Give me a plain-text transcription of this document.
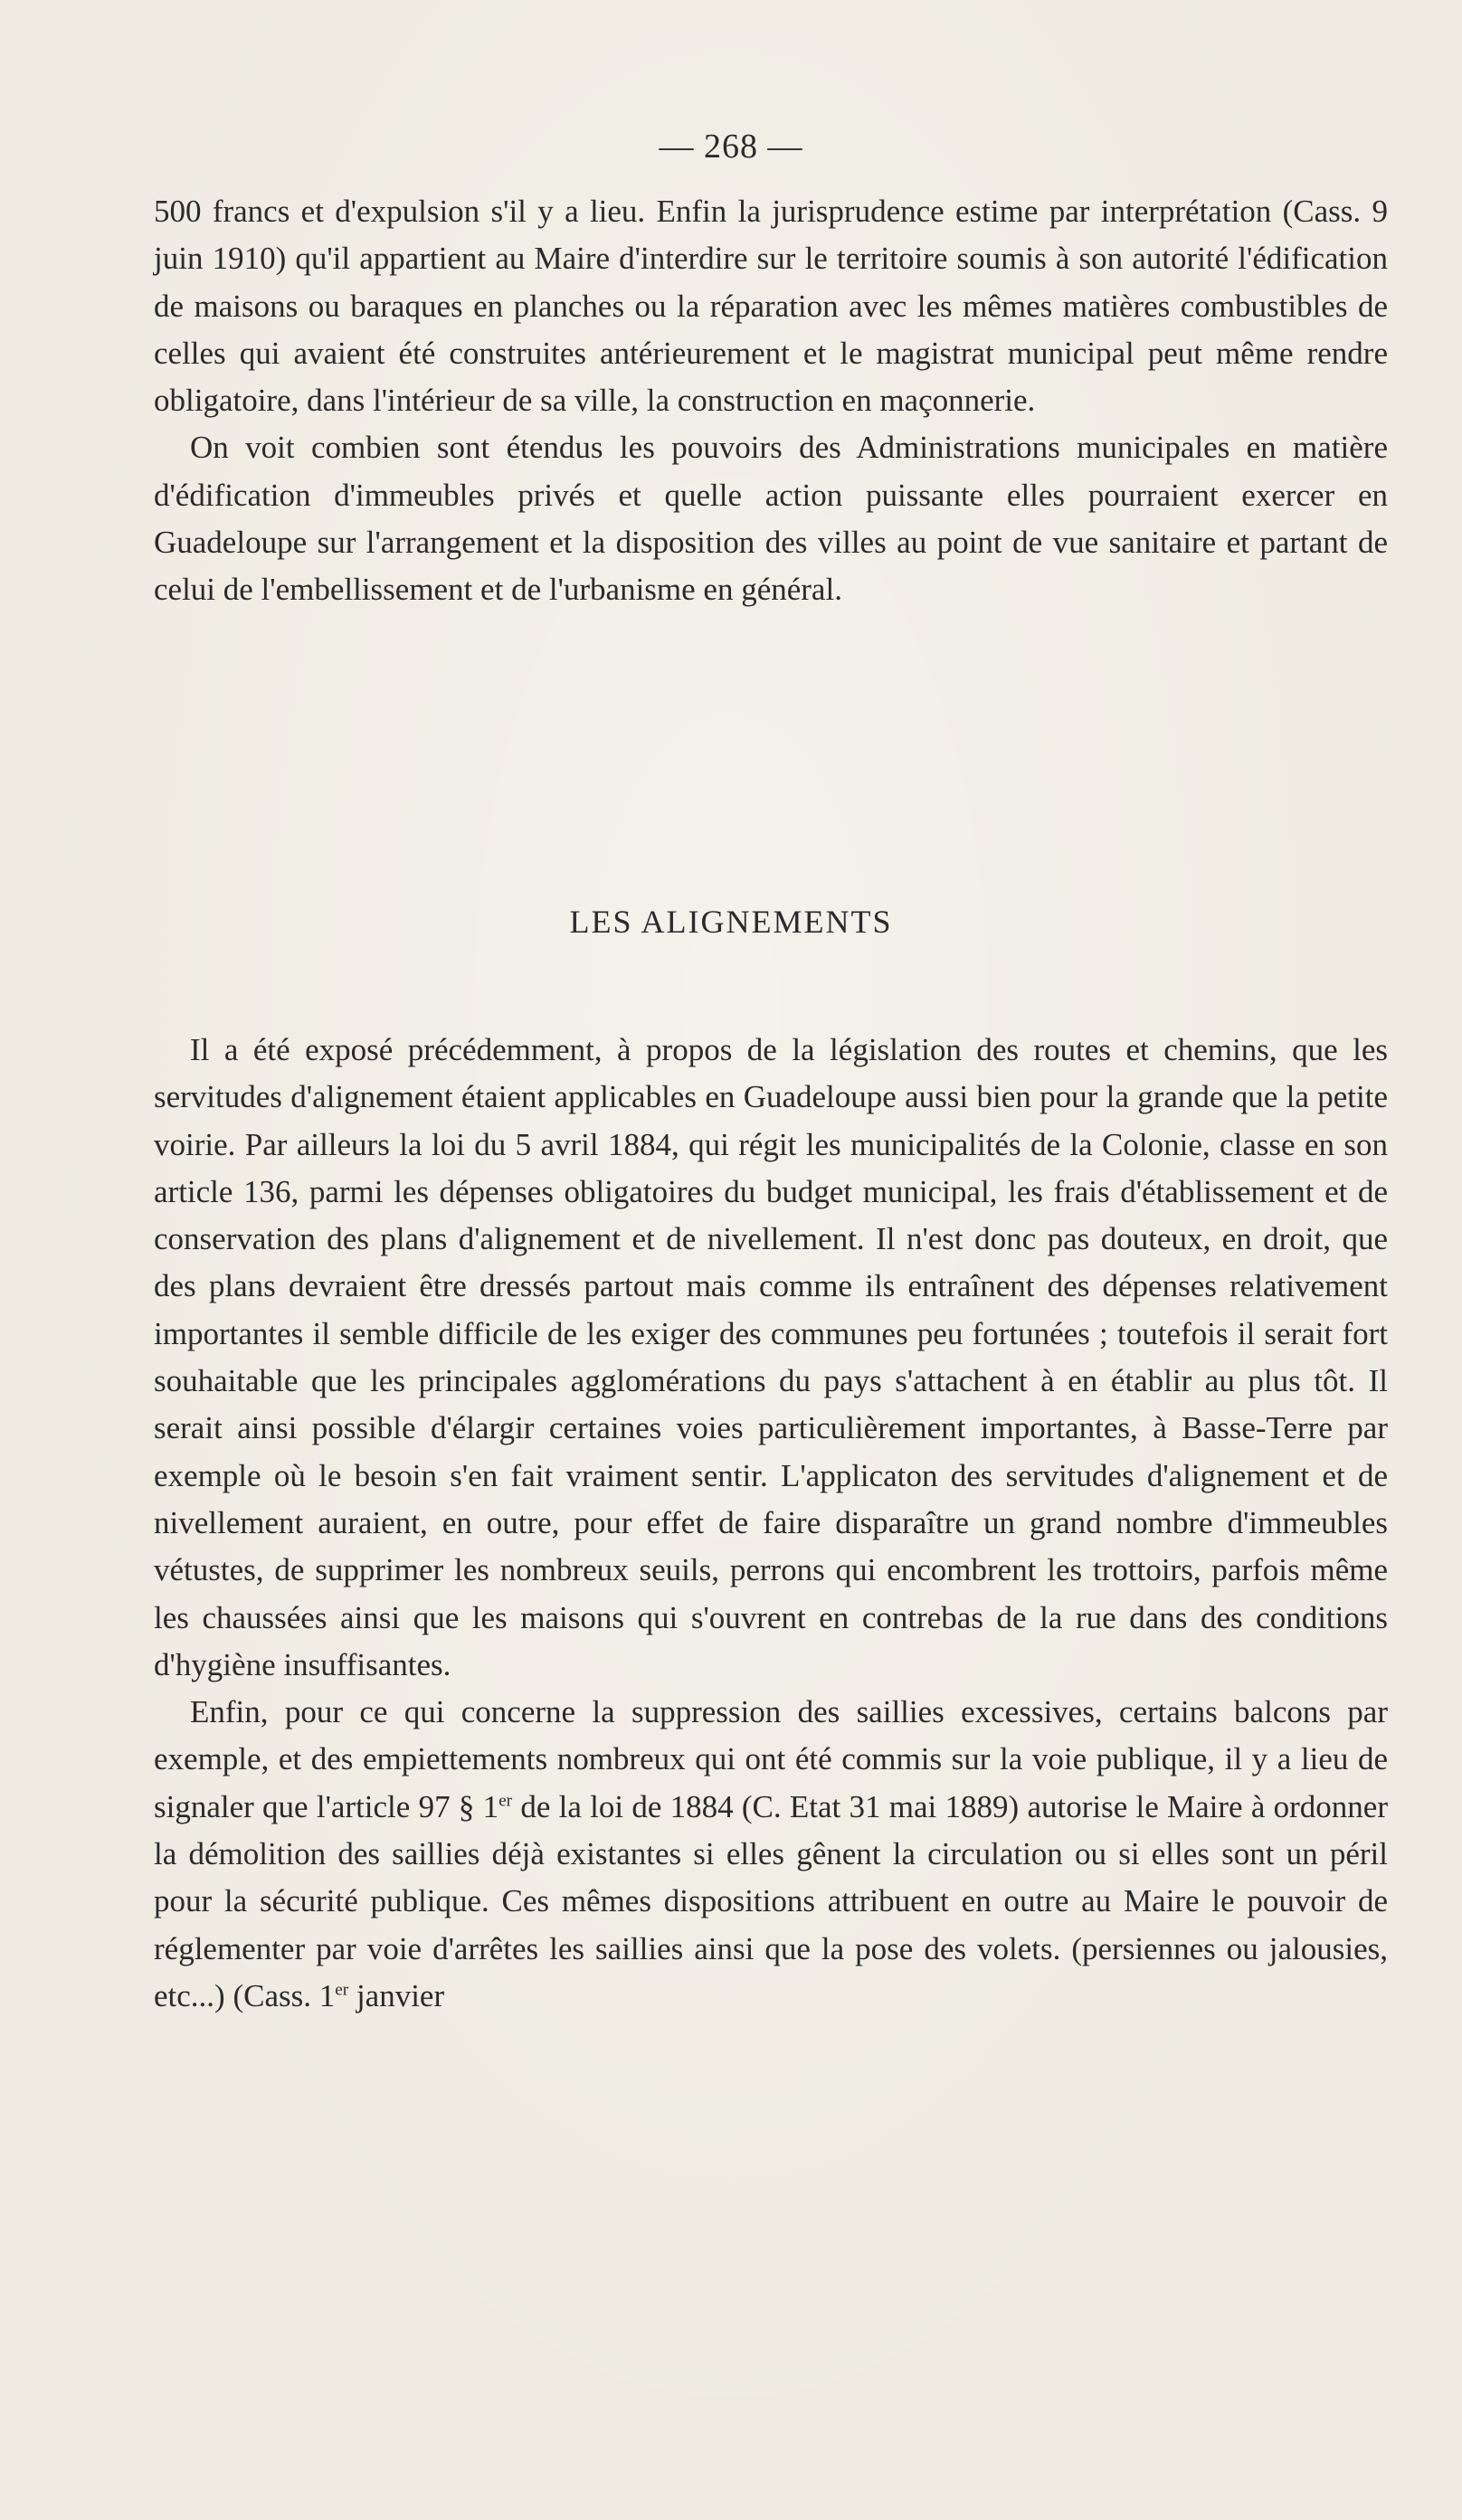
— 268 —

500 francs et d'expulsion s'il y a lieu. Enfin la jurisprudence estime par interprétation (Cass. 9 juin 1910) qu'il appartient au Maire d'interdire sur le territoire soumis à son autorité l'édification de maisons ou baraques en planches ou la réparation avec les mêmes matières combustibles de celles qui avaient été construites antérieurement et le magistrat municipal peut même rendre obligatoire, dans l'intérieur de sa ville, la construction en maçonnerie.

On voit combien sont étendus les pouvoirs des Administrations municipales en matière d'édification d'immeubles privés et quelle action puissante elles pourraient exercer en Guadeloupe sur l'arrangement et la disposition des villes au point de vue sanitaire et partant de celui de l'embellissement et de l'urbanisme en général.

LES ALIGNEMENTS

Il a été exposé précédemment, à propos de la législation des routes et chemins, que les servitudes d'alignement étaient applicables en Guadeloupe aussi bien pour la grande que la petite voirie. Par ailleurs la loi du 5 avril 1884, qui régit les municipalités de la Colonie, classe en son article 136, parmi les dépenses obligatoires du budget municipal, les frais d'établissement et de conservation des plans d'alignement et de nivellement. Il n'est donc pas douteux, en droit, que des plans devraient être dressés partout mais comme ils entraînent des dépenses relativement importantes il semble difficile de les exiger des communes peu fortunées ; toutefois il serait fort souhaitable que les principales agglomérations du pays s'attachent à en établir au plus tôt. Il serait ainsi possible d'élargir certaines voies particulièrement importantes, à Basse-Terre par exemple où le besoin s'en fait vraiment sentir. L'applicaton des servitudes d'alignement et de nivellement auraient, en outre, pour effet de faire disparaître un grand nombre d'immeubles vétustes, de supprimer les nombreux seuils, perrons qui encombrent les trottoirs, parfois même les chaussées ainsi que les maisons qui s'ouvrent en contrebas de la rue dans des conditions d'hygiène insuffisantes.

Enfin, pour ce qui concerne la suppression des saillies excessives, certains balcons par exemple, et des empiettements nombreux qui ont été commis sur la voie publique, il y a lieu de signaler que l'article 97 § 1er de la loi de 1884 (C. Etat 31 mai 1889) autorise le Maire à ordonner la démolition des saillies déjà existantes si elles gênent la circulation ou si elles sont un péril pour la sécurité publique. Ces mêmes dispositions attribuent en outre au Maire le pouvoir de réglementer par voie d'arrêtes les saillies ainsi que la pose des volets. (persiennes ou jalousies, etc...) (Cass. 1er janvier
